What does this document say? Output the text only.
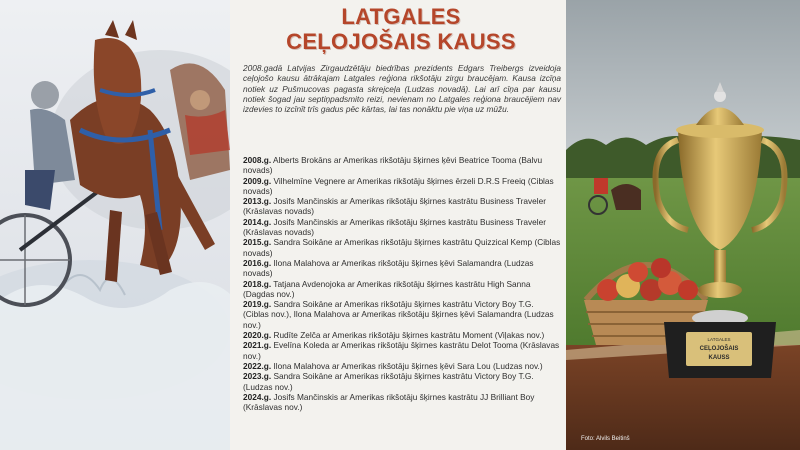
LATGALES
CEĻOJOŠAIS KAUSS
2008.gadā Latvijas Zirgaudzētāju biedrības prezidents Edgars Treibergs izveidoja ceļojošo kausu ātrākajam Latgales reģiona rikšotāju zirgu braucējam. Kausa izcīņa notiek uz Pušmucovas pagasta skrejceļa (Ludzas novadā). Lai arī cīņa par kausu notiek šogad jau septiņpadsmito reizi, nevienam no Latgales reģiona braucējiem nav izdevies to izcīnīt trīs gadus pēc kārtas, lai tas nonāktu pie viņa uz mūžu.

2008.g. Alberts Brokāns ar Amerikas rikšotāju šķirnes ķēvi Beatrice Tooma (Balvu novads)

2009.g. Vilhelmīne Vegnere ar Amerikas rikšotāju šķirnes ērzeli D.R.S Freeiq (Ciblas novads)

2013.g. Josifs Mančinskis ar Amerikas rikšotāju šķirnes kastrātu Business Traveler (Krāslavas novads)

2014.g. Josifs Mančinskis ar Amerikas rikšotāju šķirnes kastrātu Business Traveler (Krāslavas novads)

2015.g. Sandra Soikāne ar Amerikas rikšotāju šķirnes kastrātu Quizzical Kemp (Ciblas novads)

2016.g. Ilona Malahova ar Amerikas rikšotāju šķirnes ķēvi Salamandra (Ludzas novads)

2018.g. Tatjana Avdenojoka ar Amerikas rikšotāju šķirnes kastrātu High Sanna (Dagdas nov.)

2019.g. Sandra Soikāne ar Amerikas rikšotāju šķirnes kastrātu Victory Boy T.G. (Ciblas nov.), Ilona Malahova ar Amerikas rikšotāju šķirnes ķēvi Salamandra (Ludzas nov.)

2020.g. Rudīte Zelča ar Amerikas rikšotāju šķirnes kastrātu Moment (Viļakas nov.)

2021.g. Evelīna Koleda ar Amerikas rikšotāju šķirnes kastrātu Delot Tooma (Krāslavas nov.)

2022.g. Ilona Malahova ar Amerikas rikšotāju šķirnes ķēvi Sara Lou (Ludzas nov.)

2023.g. Sandra Soikāne ar Amerikas rikšotāju šķirnes kastrātu Victory Boy T.G. (Ludzas nov.)

2024.g. Josifs Mančinskis ar Amerikas rikšotāju šķirnes kastrātu JJ Brilliant Boy (Krāslavas nov.)

LATGALES
CEĻOJOŠAIS
KAUSS
Foto: Alvils Beitinš
